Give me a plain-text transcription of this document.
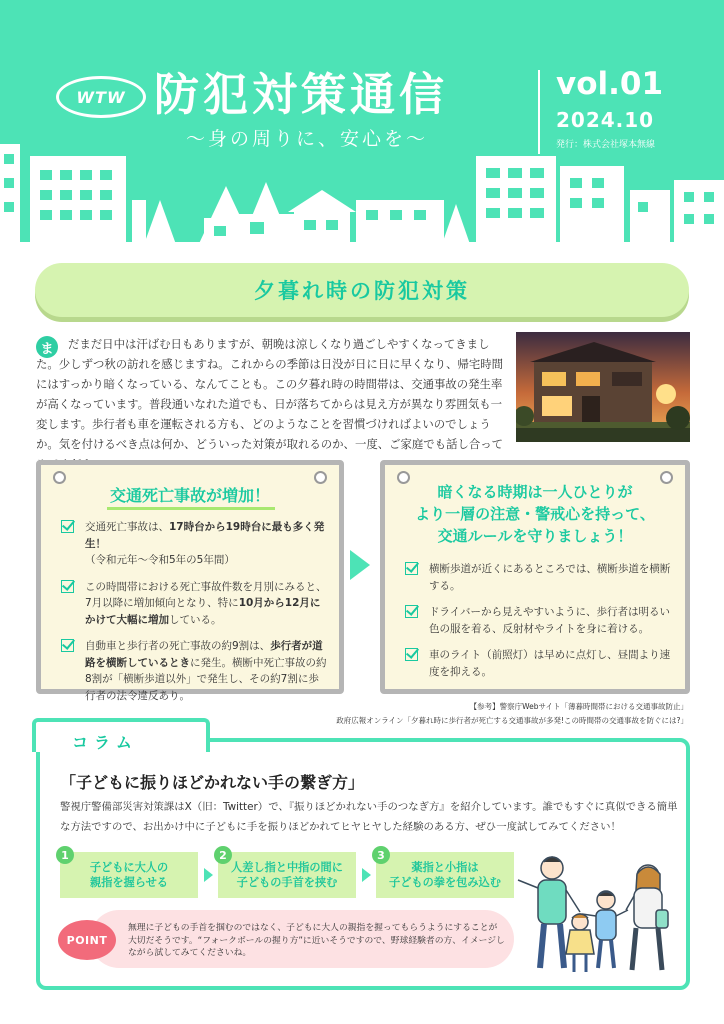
WTW 防犯対策通信
〜身の周りに、安心を〜
vol.01
2024.10
発行：株式会社塚本無線
夕暮れ時の防犯対策
ま	だまだ日中は汗ばむ日もありますが、朝晩は涼しくなり過ごしやすくなってきました。少しずつ秋の訪れを感じますね。これからの季節は日没が日に日に早くなり、帰宅時間にはすっかり暗くなっている、なんてことも。この夕暮れ時の時間帯は、交通事故の発生率が高くなっています。普段通いなれた道でも、日が落ちてからは見え方が異なり雰囲気も一変します。歩行者も車を運転される方も、どのようなことを習慣づければよいのでしょうか。気を付けるべき点は何か、どういった対策が取れるのか、一度、ご家庭でも話し合って

交通死亡事故が増加！
交通死亡事故は、17時台から19時台に最も多く発生！
（令和元年〜令和5年の5年間）
この時間帯における死亡事故件数を月別にみると、7月以降に増加傾向となり、特に10月から12月にかけて大幅に増加している。
自動車と歩行者の死亡事故の約9割は、歩行者が道路を横断しているときに発生。横断中死亡事故の約8割が「横断歩道以外」で発生し、その約7割に歩行者の法令違反あり。
暗くなる時期は一人ひとりが
より一層の注意・警戒心を持って、
交通ルールを守りましょう！
横断歩道が近くにあるところでは、横断歩道を横断する。
ドライバーから見えやすいように、歩行者は明るい色の服を着る、反射材やライトを身に着ける。
車のライト（前照灯）は早めに点灯し、昼間より速度を抑える。
【参考】警察庁Webサイト「薄暮時間帯における交通事故防止」
政府広報オンライン「夕暮れ時に歩行者が死亡する交通事故が多発!この時間帯の交通事故を防ぐには?」
コラム
「子どもに振りほどかれない手の繋ぎ方」

警視庁警備部災害対策課はX（旧：Twitter）で、『振りほどかれない手のつなぎ方』を紹介しています。誰でもすぐに真似できる簡単な方法ですので、お出かけ中に子どもに手を振りほどかれてヒヤヒヤした経験のある方、ぜひ一度試してみてください！

1
子どもに大人の
親指を握らせる
2
人差し指と中指の間に
子どもの手首を挟む
3
薬指と小指は
子どもの拳を包み込む
POINT

無理に子どもの手首を掴むのではなく、子どもに大人の親指を握ってもらうようにすることが大切だそうです。“フォークボールの握り方”に近いそうですので、野球経験者の方、イメージしながら試してみてくださいね。
